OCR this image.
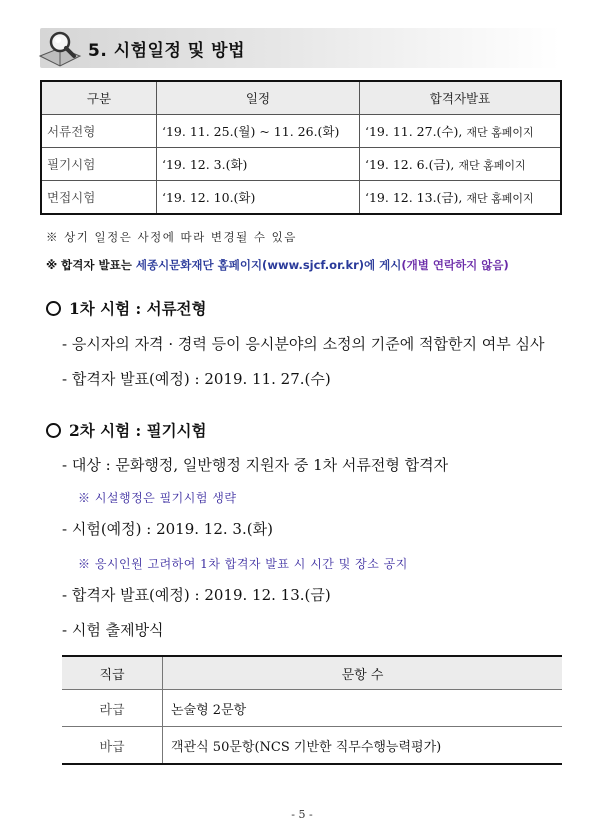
5. 시험일정 및 방법
구분	일정	합격자발표
서류전형	‘19. 11. 25.(월) ~ 11. 26.(화)	‘19. 11. 27.(수), 재단 홈페이지
필기시험	‘19. 12. 3.(화)	‘19. 12. 6.(금), 재단 홈페이지
면접시험	‘19. 12. 10.(화)	‘19. 12. 13.(금), 재단 홈페이지
※ 상기 일정은 사정에 따라 변경될 수 있음
※ 합격자 발표는 세종시문화재단 홈페이지(www.sjcf.or.kr)에 게시(개별 연락하지 않음)
1차 시험 : 서류전형
- 응시자의 자격 · 경력 등이 응시분야의 소정의 기준에 적합한지 여부 심사
- 합격자 발표(예정) : 2019. 11. 27.(수)
2차 시험 : 필기시험
- 대상 : 문화행정, 일반행정 지원자 중 1차 서류전형 합격자
※ 시설행정은 필기시험 생략
- 시험(예정) : 2019. 12. 3.(화)
※ 응시인원 고려하여 1차 합격자 발표 시 시간 및 장소 공지
- 합격자 발표(예정) : 2019. 12. 13.(금)
- 시험 출제방식
직급	문항 수
라급	논술형 2문항
바급	객관식 50문항(NCS 기반한 직무수행능력평가)
- 5 -
